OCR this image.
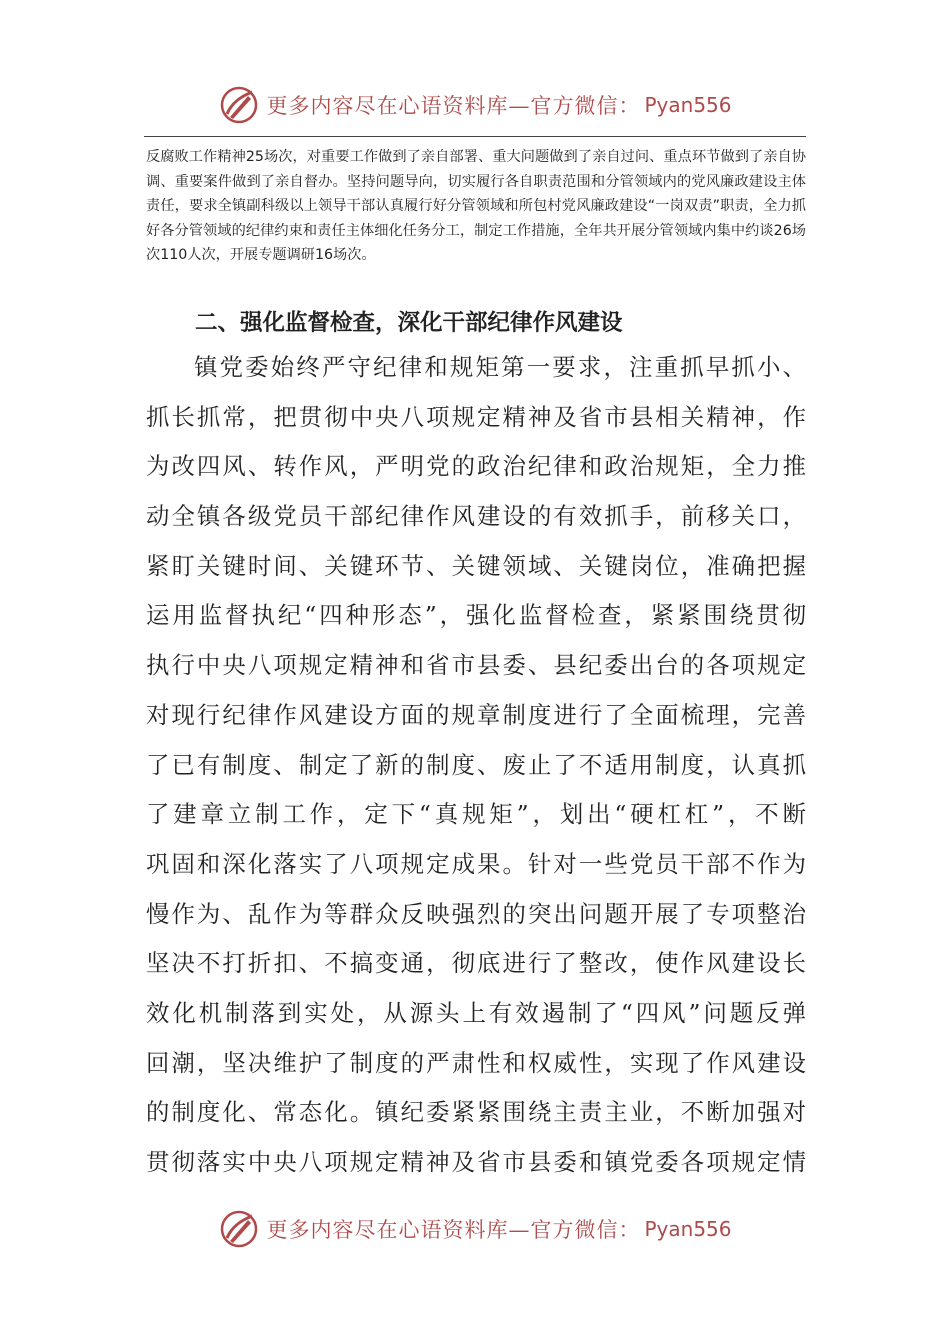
更多内容尽在心语资料库—官方微信： Pyan556

反腐败工作精神25场次，对重要工作做到了亲自部署、重大问题做到了亲自过问、重点环节做到了亲自协调、重要案件做到了亲自督办。坚持问题导向，切实履行各自职责范围和分管领域内的党风廉政建设主体责任，要求全镇副科级以上领导干部认真履行好分管领域和所包村党风廉政建设“一岗双责”职责，全力抓好各分管领域的纪律约束和责任主体细化任务分工，制定工作措施，全年共开展分管领域内集中约谈26场次110人次，开展专题调研16场次。

二、强化监督检查，深化干部纪律作风建设
镇党委始终严守纪律和规矩第一要求，注重抓早抓小、
抓长抓常，把贯彻中央八项规定精神及省市县相关精神，作
为改四风、转作风，严明党的政治纪律和政治规矩，全力推
动全镇各级党员干部纪律作风建设的有效抓手，前移关口，
紧盯关键时间、关键环节、关键领域、关键岗位，准确把握
运用监督执纪“四种形态”，强化监督检查，紧紧围绕贯彻
执行中央八项规定精神和省市县委、县纪委出台的各项规定
对现行纪律作风建设方面的规章制度进行了全面梳理，完善
了已有制度、制定了新的制度、废止了不适用制度，认真抓
了建章立制工作，定下“真规矩”，划出“硬杠杠”，不断
巩固和深化落实了八项规定成果。针对一些党员干部不作为
慢作为、乱作为等群众反映强烈的突出问题开展了专项整治
坚决不打折扣、不搞变通，彻底进行了整改，使作风建设长
效化机制落到实处，从源头上有效遏制了“四风”问题反弹
回潮，坚决维护了制度的严肃性和权威性，实现了作风建设
的制度化、常态化。镇纪委紧紧围绕主责主业，不断加强对
贯彻落实中央八项规定精神及省市县委和镇党委各项规定情
更多内容尽在心语资料库—官方微信： Pyan556
